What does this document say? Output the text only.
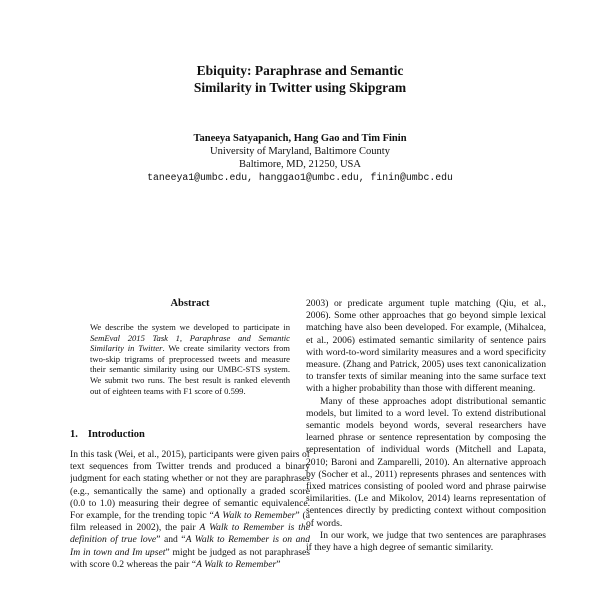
Ebiquity: Paraphrase and Semantic
Similarity in Twitter using Skipgram
Taneeya Satyapanich, Hang Gao and Tim Finin
University of Maryland, Baltimore County
Baltimore, MD, 21250, USA
taneeya1@umbc.edu, hanggao1@umbc.edu, finin@umbc.edu
Abstract
We describe the system we developed to participate in SemEval 2015 Task 1, Paraphrase and Semantic Similarity in Twitter. We create similarity vectors from two-skip trigrams of preprocessed tweets and measure their semantic similarity using our UMBC-STS system. We submit two runs. The best result is ranked eleventh out of eighteen teams with F1 score of 0.599.
1. Introduction

In this task (Wei, et al., 2015), participants were given pairs of text sequences from Twitter trends and produced a binary judgment for each stating whether or not they are paraphrases (e.g., semantically the same) and optionally a graded score (0.0 to 1.0) measuring their degree of semantic equivalence. For example, for the trending topic “A Walk to Remember” (a film released in 2002), the pair A Walk to Remember is the definition of true love” and “A Walk to Remember is on and Im in town and Im upset” might be judged as not paraphrases with score 0.2 whereas the pair “A Walk to Remember”

2003) or predicate argument tuple matching (Qiu, et al., 2006). Some other approaches that go beyond simple lexical matching have also been developed. For example, (Mihalcea, et al., 2006) estimated semantic similarity of sentence pairs with word-to-word similarity measures and a word specificity measure. (Zhang and Patrick, 2005) uses text canonicalization to transfer texts of similar meaning into the same surface text with a higher probability than those with different meaning.

Many of these approaches adopt distributional semantic models, but limited to a word level. To extend distributional semantic models beyond words, several researchers have learned phrase or sentence representation by composing the representation of individual words (Mitchell and Lapata, 2010; Baroni and Zamparelli, 2010). An alternative approach by (Socher et al., 2011) represents phrases and sentences with fixed matrices consisting of pooled word and phrase pairwise similarities. (Le and Mikolov, 2014) learns representation of sentences directly by predicting context without composition of words.

In our work, we judge that two sentences are paraphrases if they have a high degree of semantic similarity.
